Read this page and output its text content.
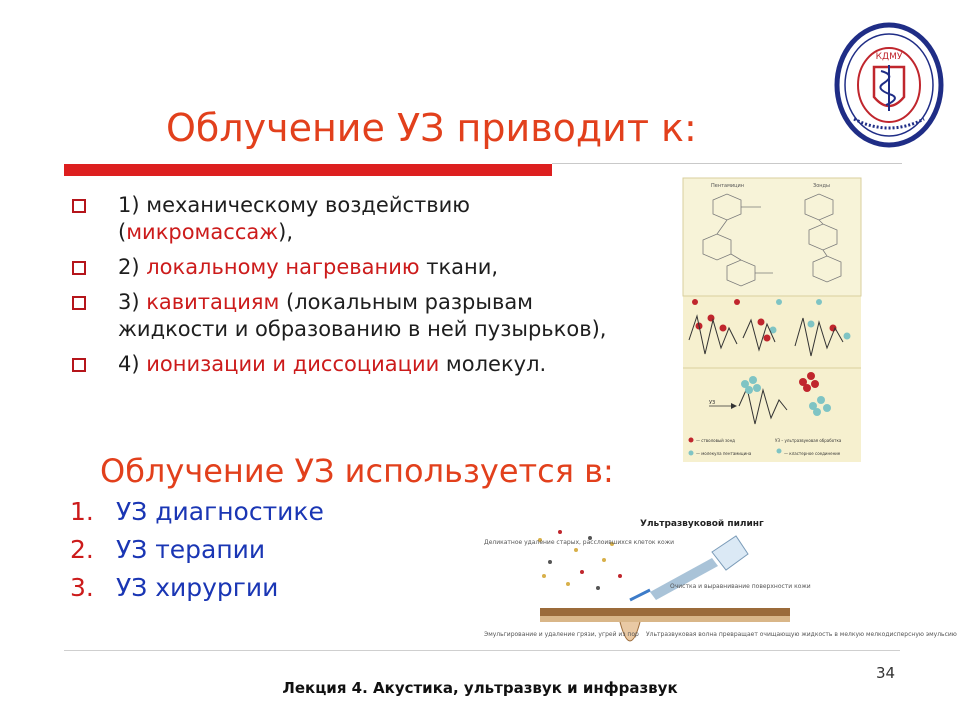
Облучение УЗ приводит к:
КДМУ
1) механическому воздействию
(микромассаж),
2) локальному нагреванию ткани,
3) кавитациям (локальным разрывам жидкости и образованию в ней пузырьков),
4) ионизации и диссоциации молекул.
Облучение УЗ используется в:
1. УЗ диагностике
2. УЗ терапии
3. УЗ хирургии
Пентамицин	Зонды
УЗ
— стволовый зонд
— молекула пентамицина
УЗ – ультразвуковая обработка
— кластерное соединение
Ультразвуковой пилинг
Деликатное удаление старых, расслоившихся клеток кожи
Очистка и выравнивание поверхности кожи
Эмульгирование и удаление грязи, угрей из пор Ультразвуковая волна превращает очищающую жидкость в мелкую мелкодисперсную эмульсию
34
Лекция 4. Акустика, ультразвук и инфразвук
